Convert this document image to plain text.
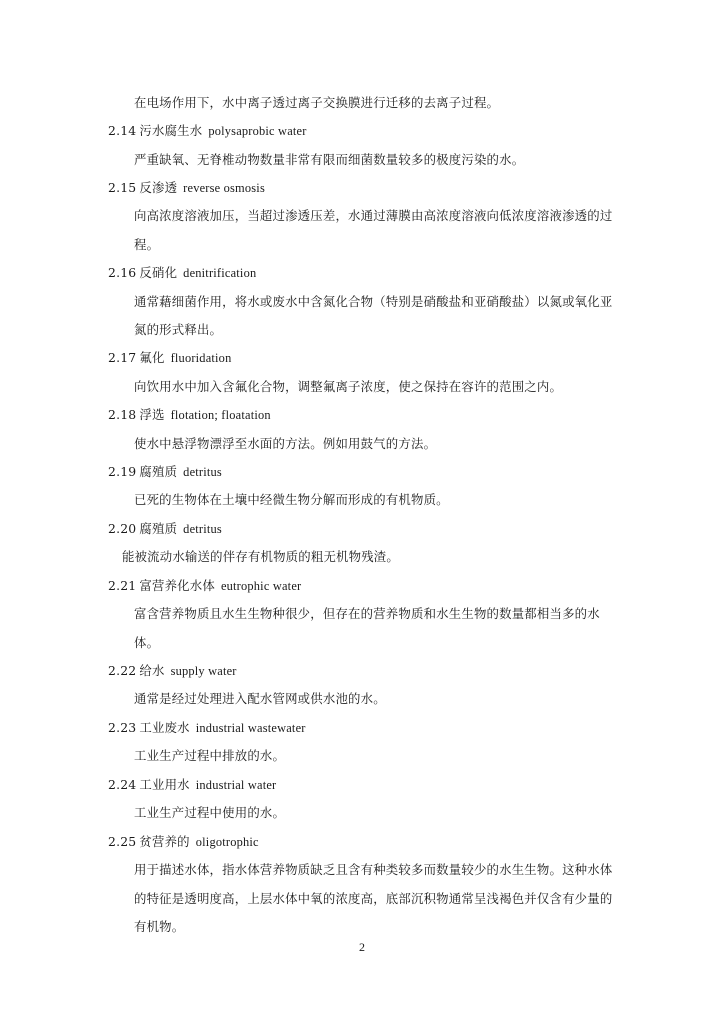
在电场作用下，水中离子透过离子交换膜进行迁移的去离子过程。
2.14 污水腐生水 polysaprobic water
严重缺氧、无脊椎动物数量非常有限而细菌数量较多的极度污染的水。
2.15 反渗透 reverse osmosis
向高浓度溶液加压，当超过渗透压差，水通过薄膜由高浓度溶液向低浓度溶液渗透的过
程。
2.16 反硝化 denitrification
通常藉细菌作用，将水或废水中含氮化合物（特别是硝酸盐和亚硝酸盐）以氮或氧化亚
氮的形式释出。
2.17 氟化 fluoridation
向饮用水中加入含氟化合物，调整氟离子浓度，使之保持在容许的范围之内。
2.18 浮选 flotation; floatation
使水中悬浮物漂浮至水面的方法。例如用鼓气的方法。
2.19 腐殖质 detritus
已死的生物体在土壤中经微生物分解而形成的有机物质。
2.20 腐殖质 detritus
能被流动水输送的伴存有机物质的粗无机物残渣。
2.21 富营养化水体 eutrophic water
富含营养物质且水生生物种很少，但存在的营养物质和水生生物的数量都相当多的水
体。
2.22 给水 supply water
通常是经过处理进入配水管网或供水池的水。
2.23 工业废水 industrial wastewater
工业生产过程中排放的水。
2.24 工业用水 industrial water
工业生产过程中使用的水。
2.25 贫营养的 oligotrophic
用于描述水体，指水体营养物质缺乏且含有种类较多而数量较少的水生生物。这种水体
的特征是透明度高，上层水体中氧的浓度高，底部沉积物通常呈浅褐色并仅含有少量的
有机物。
2
